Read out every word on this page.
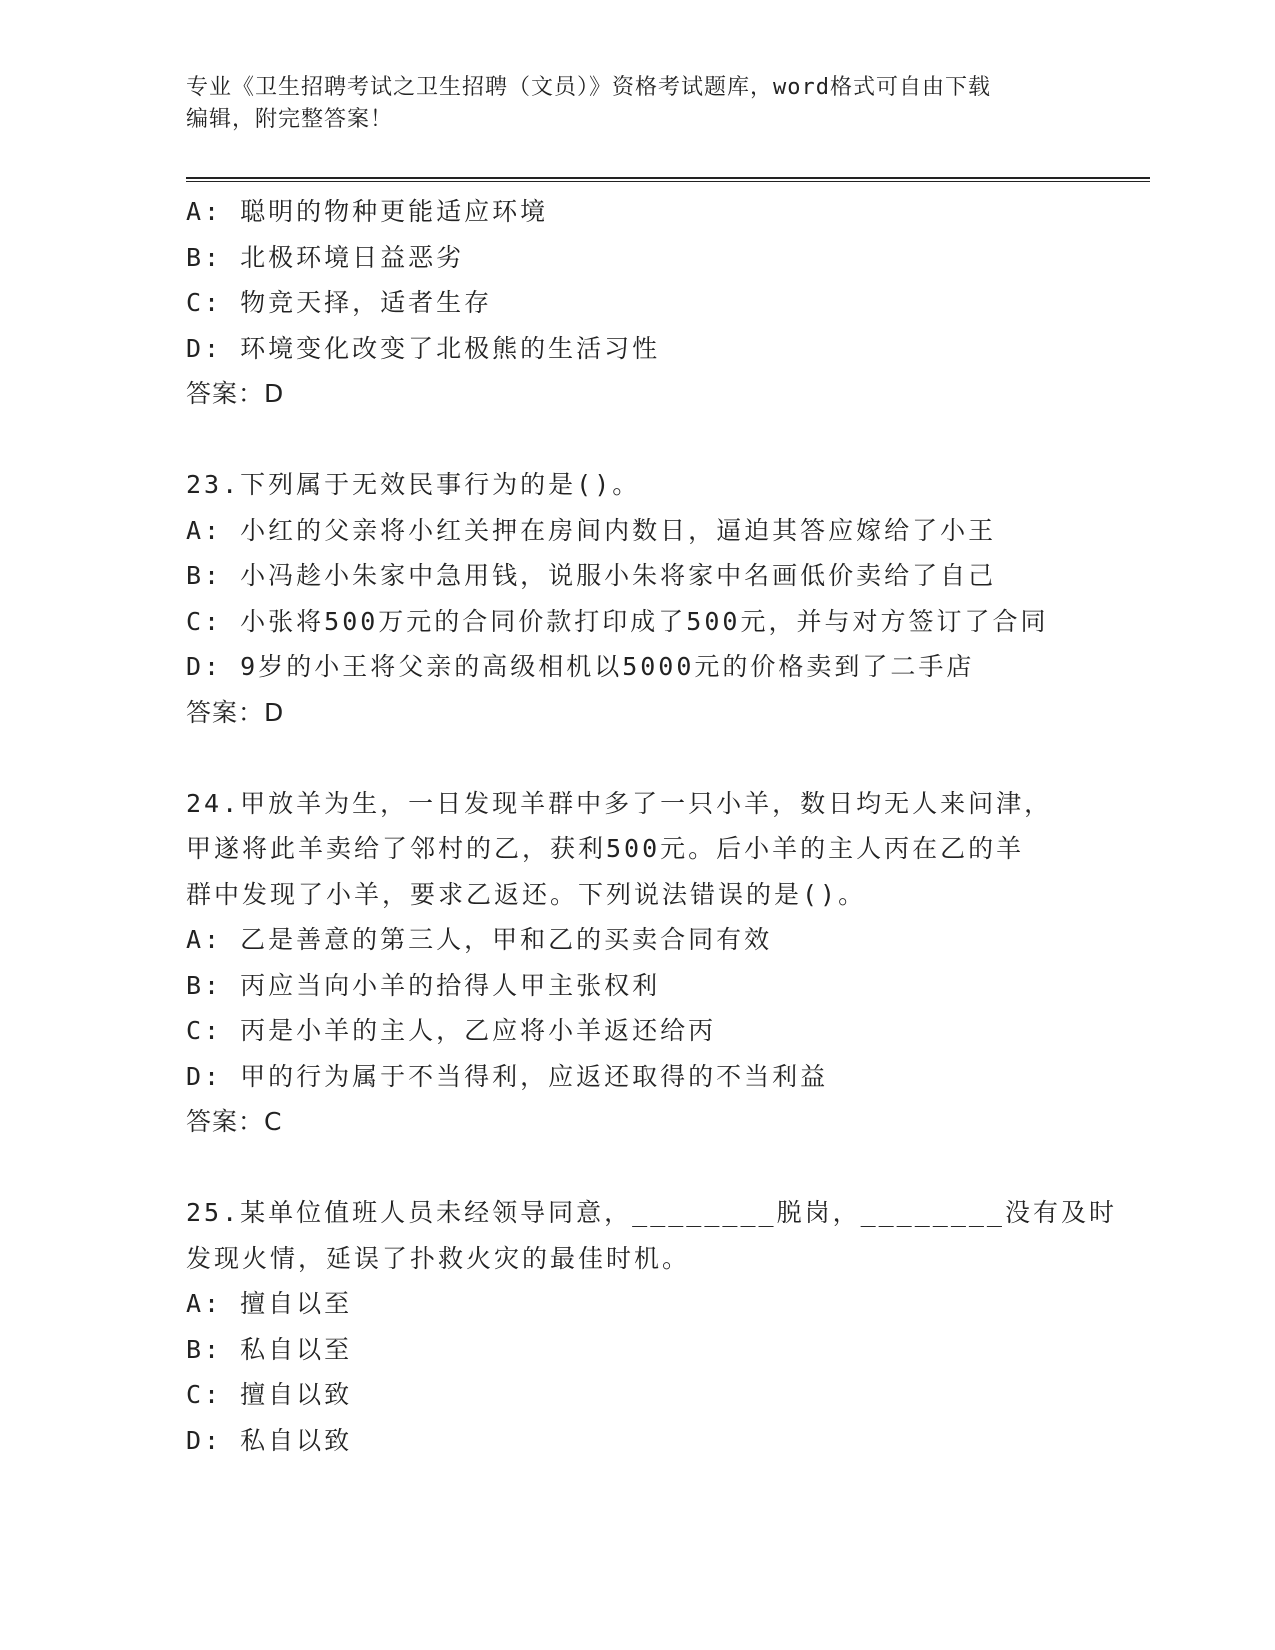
专业《卫生招聘考试之卫生招聘（文员）》资格考试题库，word格式可自由下载
编辑，附完整答案！
A: 聪明的物种更能适应环境
B: 北极环境日益恶劣
C: 物竞天择，适者生存
D: 环境变化改变了北极熊的生活习性
答案：D
23.下列属于无效民事行为的是()。
A: 小红的父亲将小红关押在房间内数日，逼迫其答应嫁给了小王
B: 小冯趁小朱家中急用钱，说服小朱将家中名画低价卖给了自己
C: 小张将500万元的合同价款打印成了500元，并与对方签订了合同
D: 9岁的小王将父亲的高级相机以5000元的价格卖到了二手店
答案：D
24.甲放羊为生，一日发现羊群中多了一只小羊，数日均无人来问津，
甲遂将此羊卖给了邻村的乙，获利500元。后小羊的主人丙在乙的羊
群中发现了小羊，要求乙返还。下列说法错误的是()。
A: 乙是善意的第三人，甲和乙的买卖合同有效
B: 丙应当向小羊的拾得人甲主张权利
C: 丙是小羊的主人，乙应将小羊返还给丙
D: 甲的行为属于不当得利，应返还取得的不当利益
答案：C
25.某单位值班人员未经领导同意，________脱岗，________没有及时
发现火情，延误了扑救火灾的最佳时机。
A: 擅自以至
B: 私自以至
C: 擅自以致
D: 私自以致
